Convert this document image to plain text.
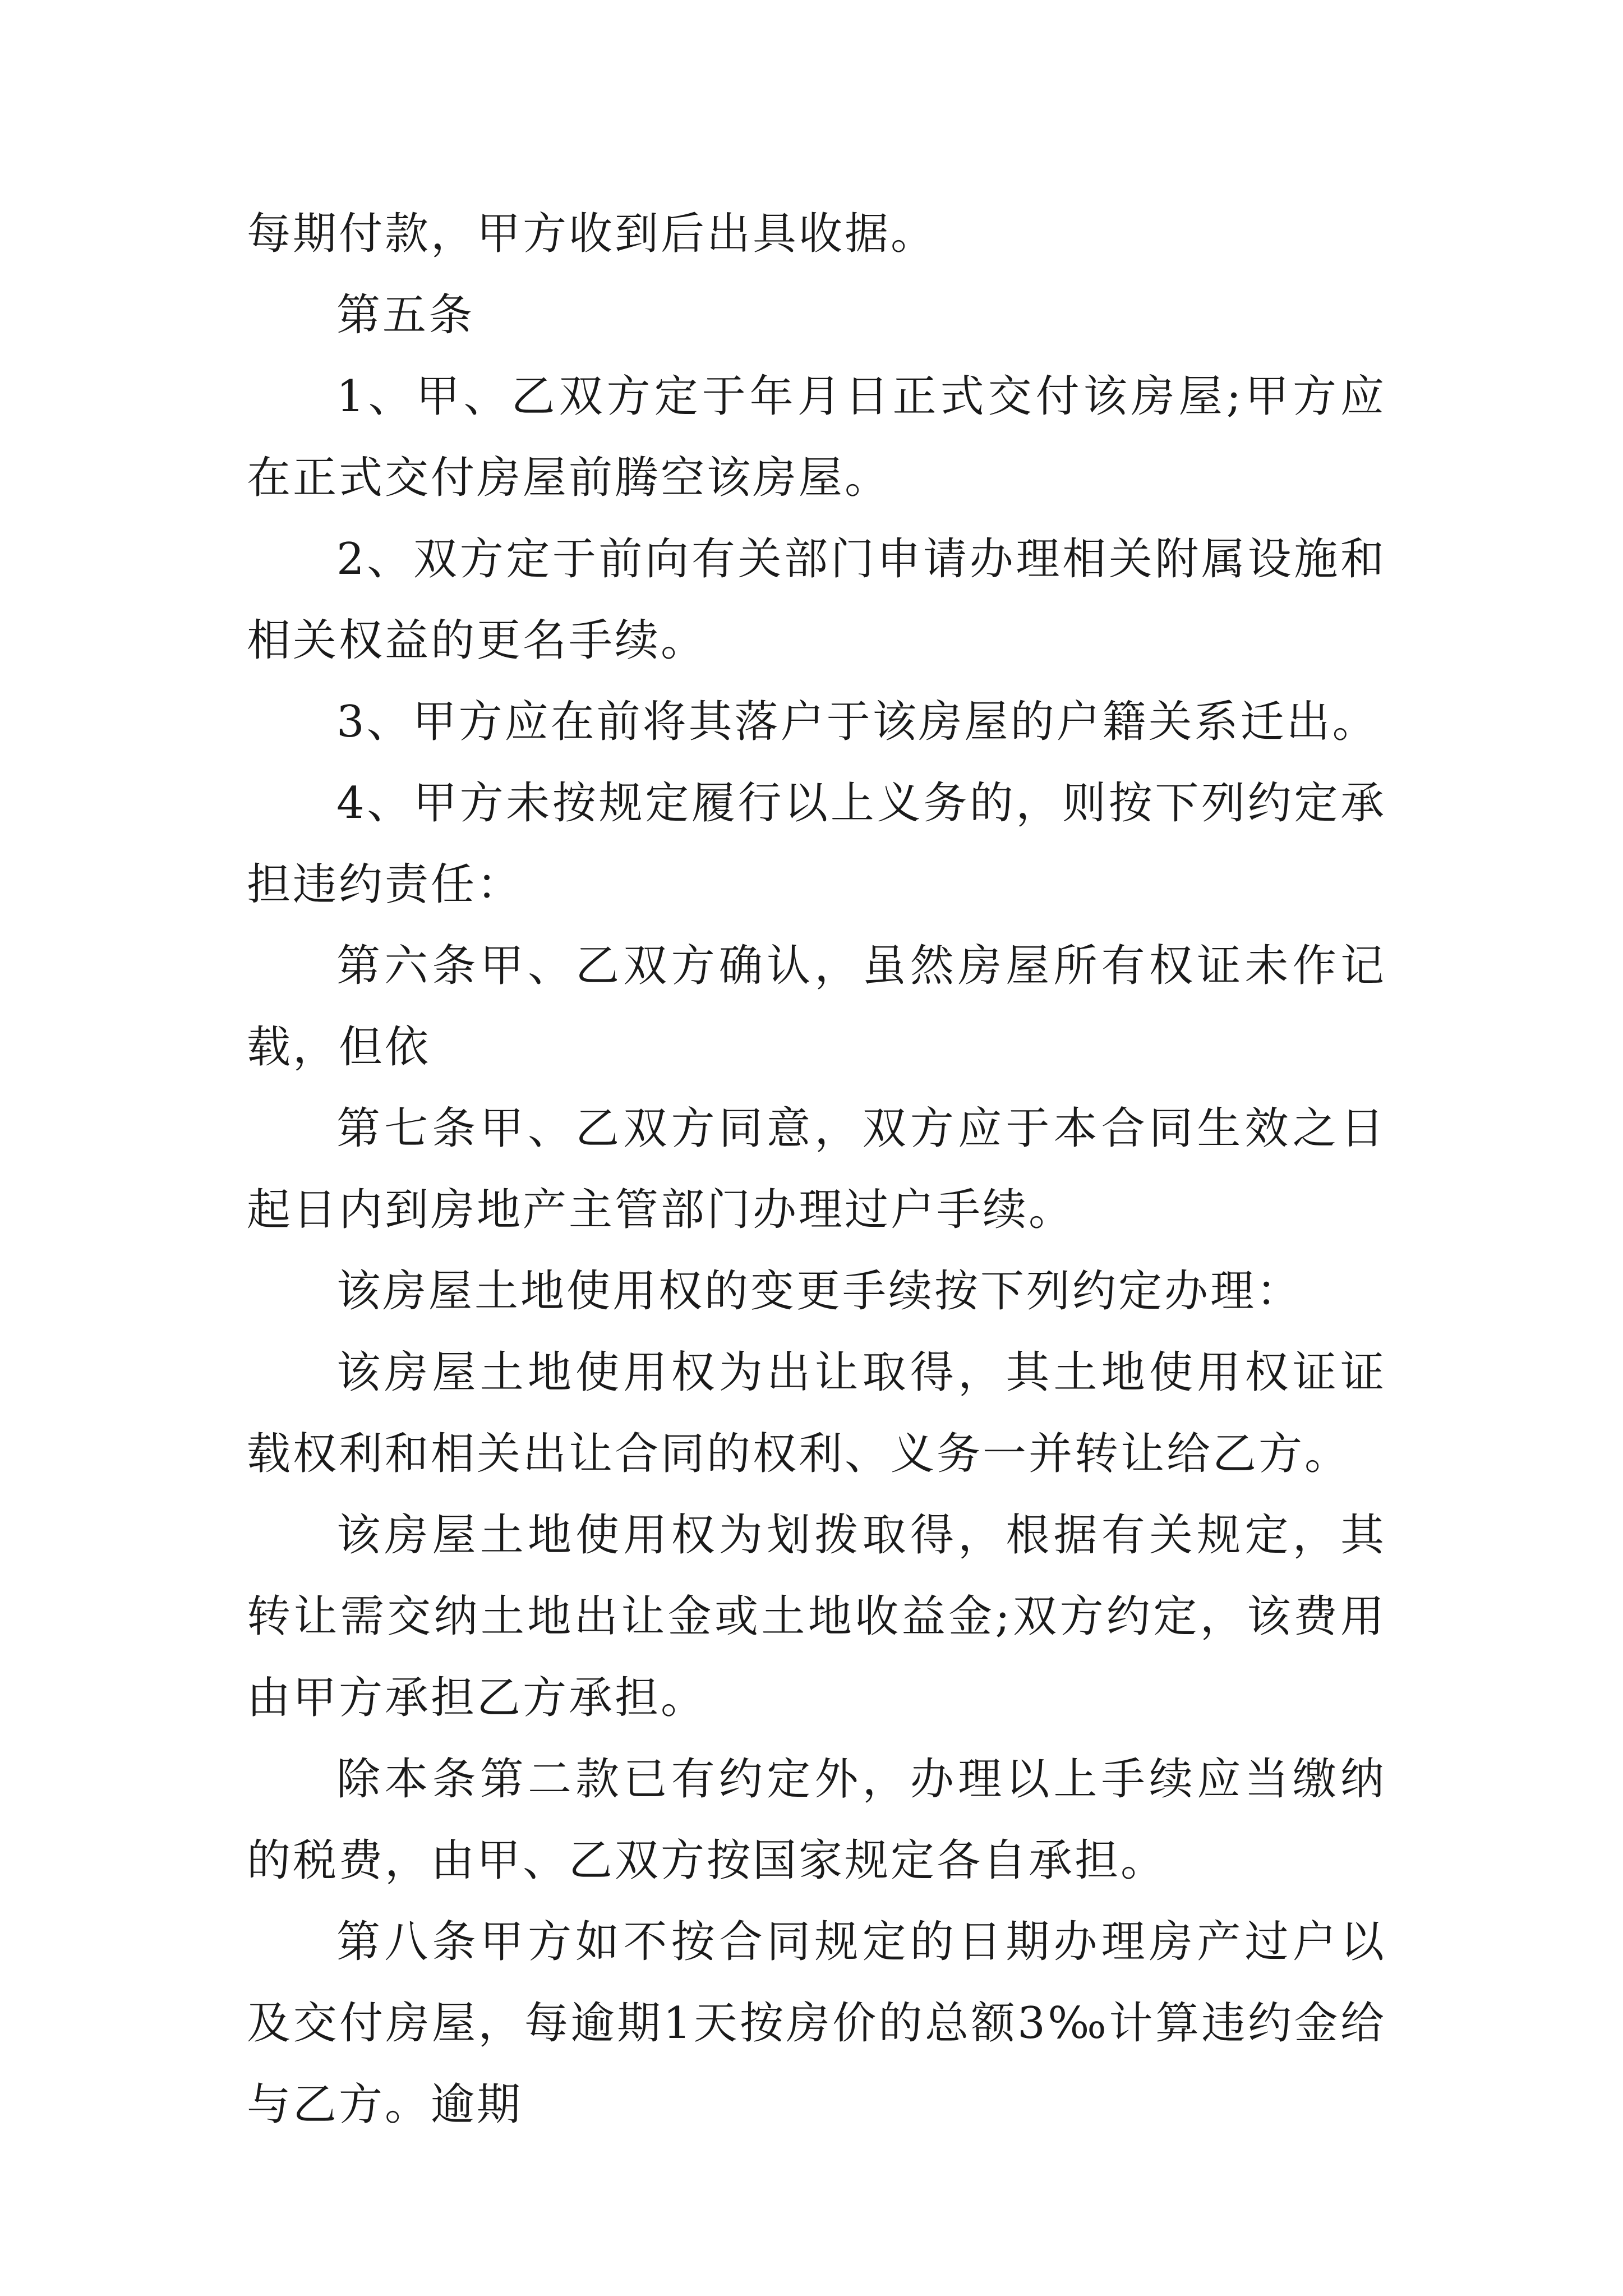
每期付款，甲方收到后出具收据。

第五条

1、甲、乙双方定于年月日正式交付该房屋;甲方应在正式交付房屋前腾空该房屋。

2、双方定于前向有关部门申请办理相关附属设施和相关权益的更名手续。

3、甲方应在前将其落户于该房屋的户籍关系迁出。

4、甲方未按规定履行以上义务的，则按下列约定承担违约责任：

第六条甲、乙双方确认，虽然房屋所有权证未作记载，但依

第七条甲、乙双方同意，双方应于本合同生效之日起日内到房地产主管部门办理过户手续。

该房屋土地使用权的变更手续按下列约定办理：

该房屋土地使用权为出让取得，其土地使用权证证载权利和相关出让合同的权利、义务一并转让给乙方。

该房屋土地使用权为划拨取得，根据有关规定，其转让需交纳土地出让金或土地收益金;双方约定，该费用由甲方承担乙方承担。

除本条第二款已有约定外，办理以上手续应当缴纳的税费，由甲、乙双方按国家规定各自承担。

第八条甲方如不按合同规定的日期办理房产过户以及交付房屋，每逾期1天按房价的总额3‰计算违约金给与乙方。逾期
